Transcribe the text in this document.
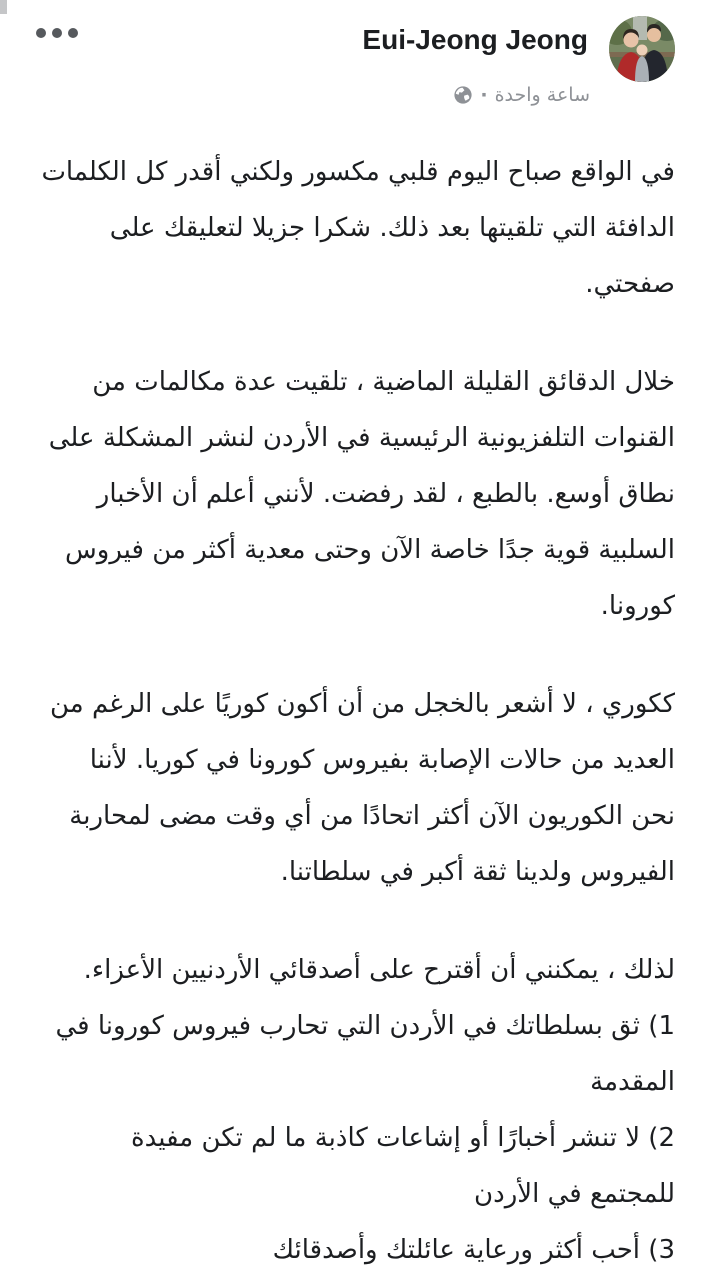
Eui-Jeong Jeong
ساعة واحدة
·

في الواقع صباح اليوم قلبي مكسور ولكني أقدر كل الكلمات
الدافئة التي تلقيتها بعد ذلك. شكرا جزيلا لتعليقك على
صفحتي.

خلال الدقائق القليلة الماضية ، تلقيت عدة مكالمات من
القنوات التلفزيونية الرئيسية في الأردن لنشر المشكلة على
نطاق أوسع. بالطبع ، لقد رفضت. لأنني أعلم أن الأخبار
السلبية قوية جدًا خاصة الآن وحتى معدية أكثر من فيروس
كورونا.

ككوري ، لا أشعر بالخجل من أن أكون كوريًا على الرغم من
العديد من حالات الإصابة بفيروس كورونا في كوريا. لأننا
نحن الكوريون الآن أكثر اتحادًا من أي وقت مضى لمحاربة
الفيروس ولدينا ثقة أكبر في سلطاتنا.

لذلك ، يمكنني أن أقترح على أصدقائي الأردنيين الأعزاء.
1) ثق بسلطاتك في الأردن التي تحارب فيروس كورونا في
المقدمة
2) لا تنشر أخبارًا أو إشاعات كاذبة ما لم تكن مفيدة
للمجتمع في الأردن
3) أحب أكثر ورعاية عائلتك وأصدقائك
